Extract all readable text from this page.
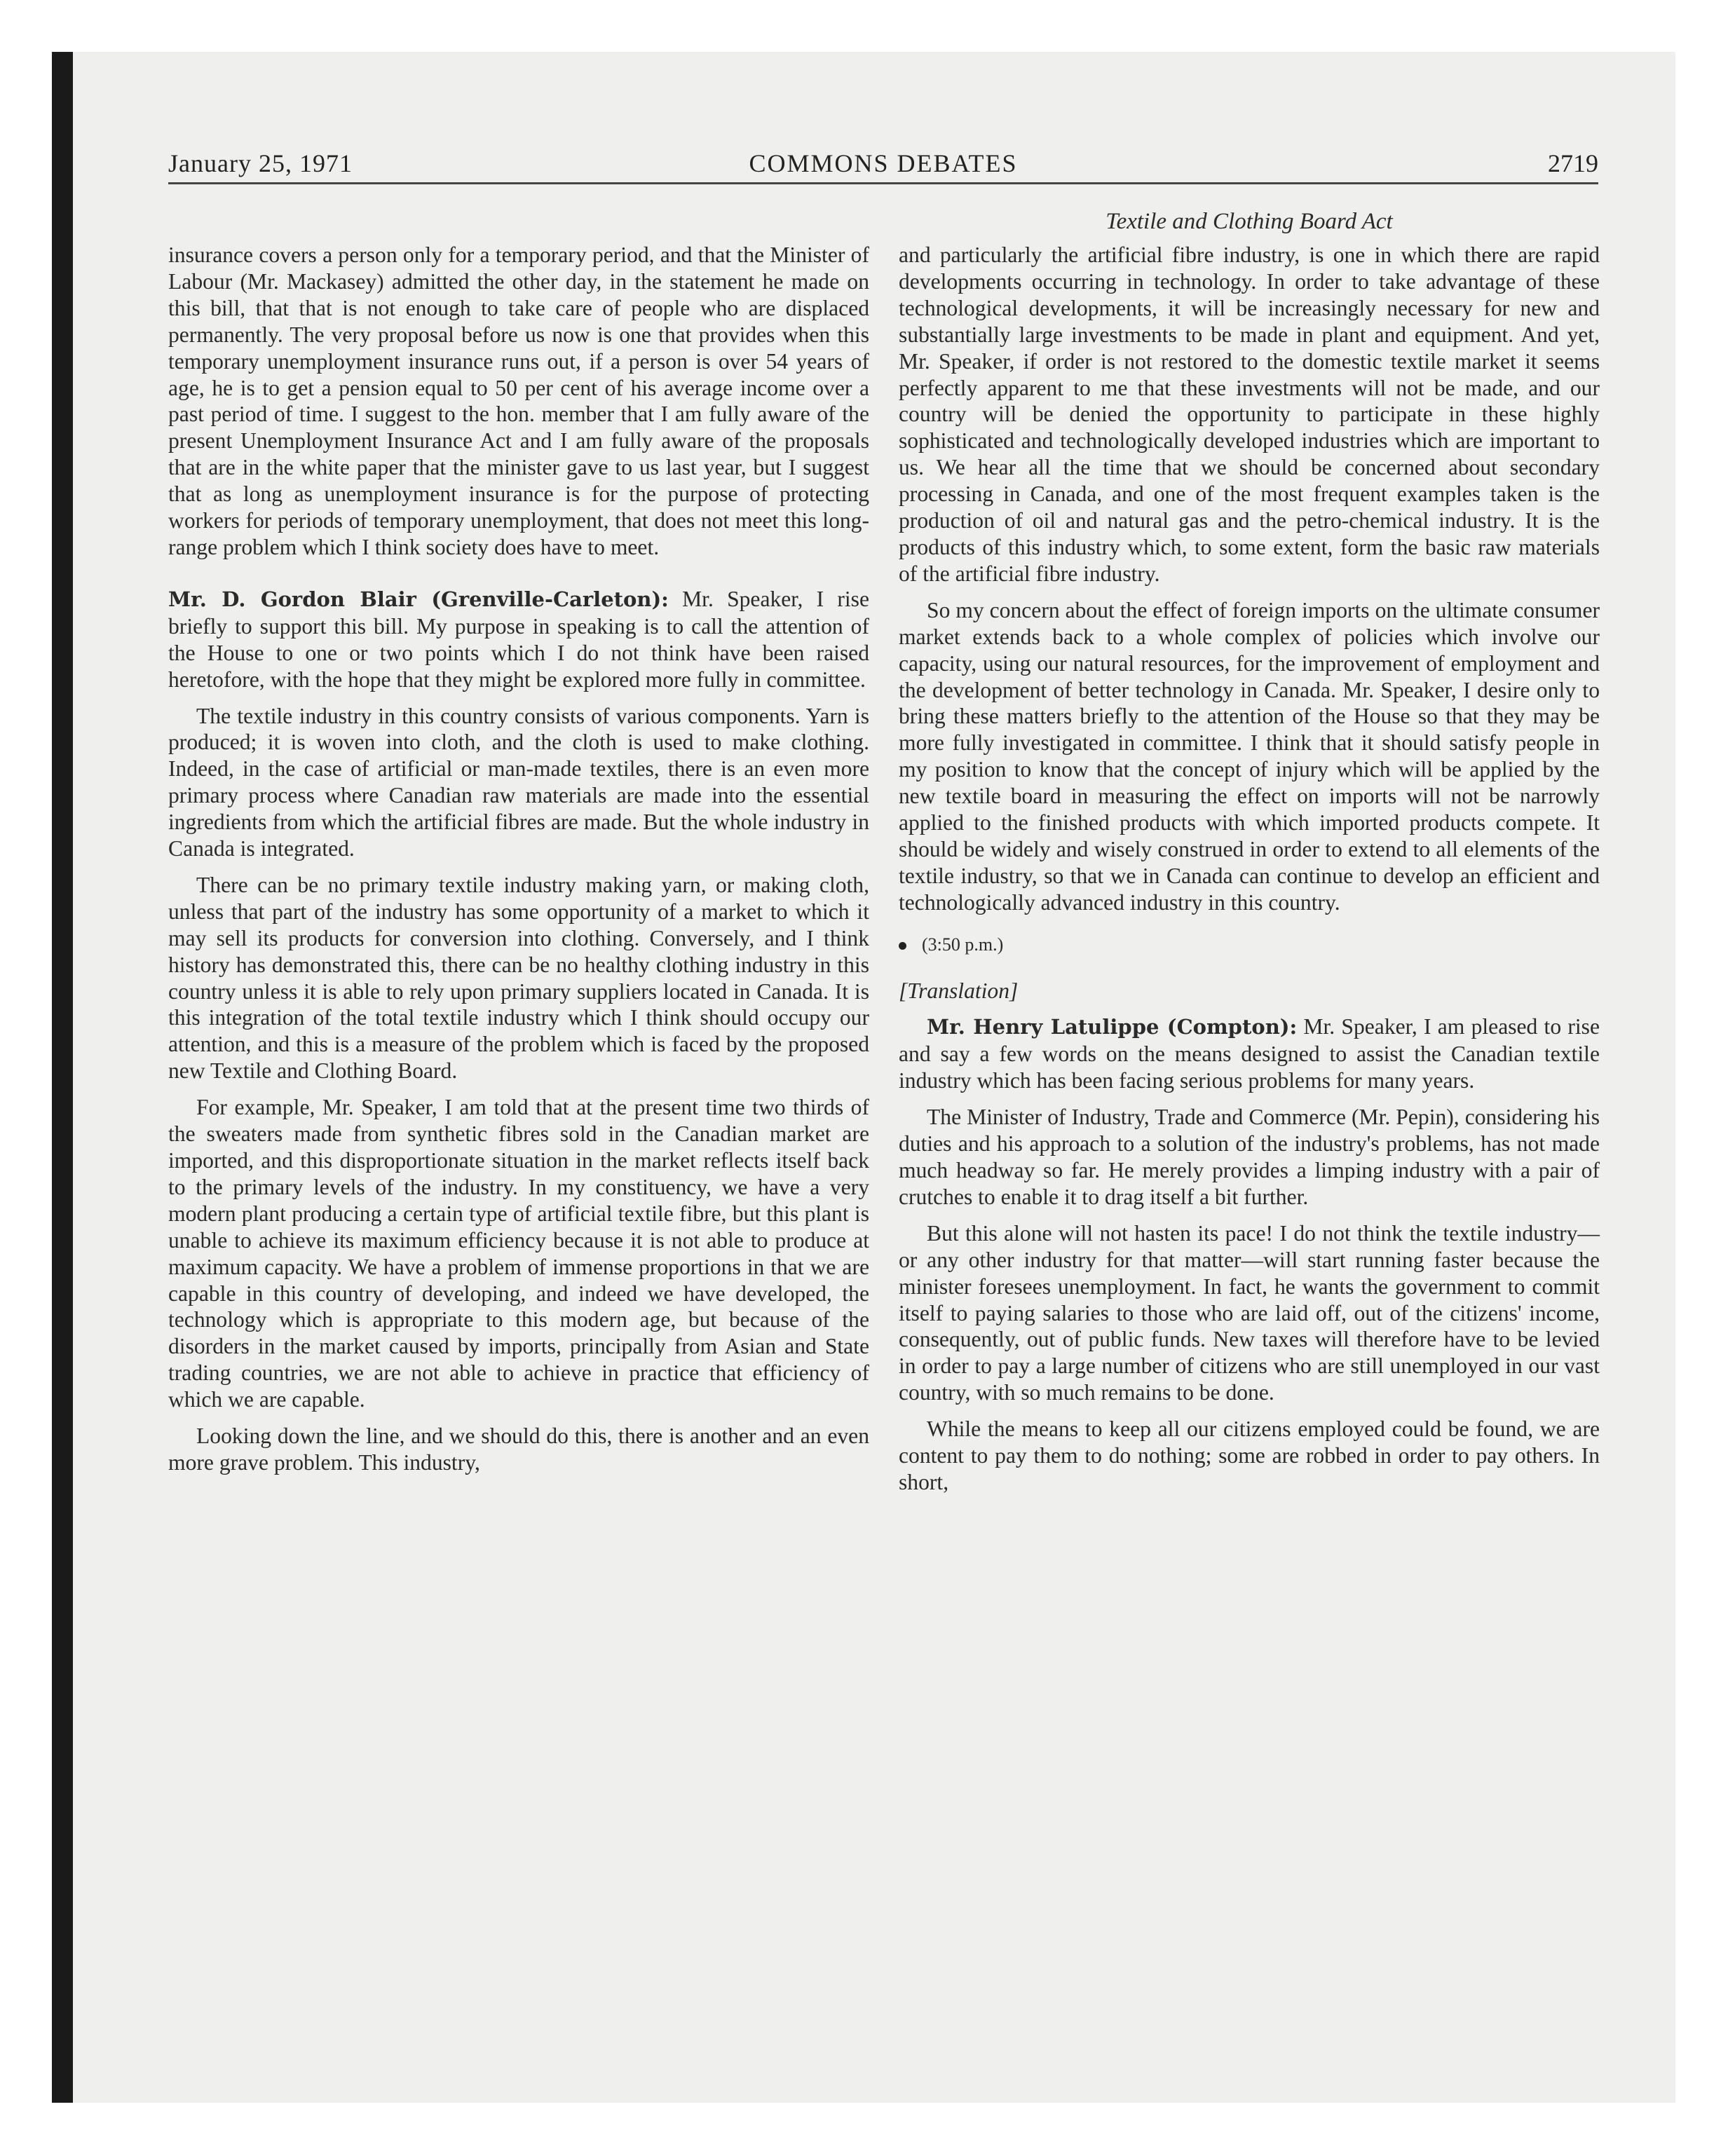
January 25, 1971	COMMONS DEBATES	2719
Textile and Clothing Board Act

insurance covers a person only for a temporary period, and that the Minister of Labour (Mr. Mackasey) admitted the other day, in the statement he made on this bill, that that is not enough to take care of people who are displaced permanently. The very proposal before us now is one that provides when this temporary unemployment insurance runs out, if a person is over 54 years of age, he is to get a pension equal to 50 per cent of his average income over a past period of time. I suggest to the hon. member that I am fully aware of the present Unemployment Insurance Act and I am fully aware of the proposals that are in the white paper that the minister gave to us last year, but I suggest that as long as unemployment insurance is for the purpose of protecting workers for periods of temporary unemployment, that does not meet this long-range problem which I think society does have to meet.

Mr. D. Gordon Blair (Grenville-Carleton): Mr. Speaker, I rise briefly to support this bill. My purpose in speaking is to call the attention of the House to one or two points which I do not think have been raised heretofore, with the hope that they might be explored more fully in committee.

The textile industry in this country consists of various components. Yarn is produced; it is woven into cloth, and the cloth is used to make clothing. Indeed, in the case of artificial or man-made textiles, there is an even more primary process where Canadian raw materials are made into the essential ingredients from which the artificial fibres are made. But the whole industry in Canada is integrated.

There can be no primary textile industry making yarn, or making cloth, unless that part of the industry has some opportunity of a market to which it may sell its products for conversion into clothing. Conversely, and I think history has demonstrated this, there can be no healthy clothing industry in this country unless it is able to rely upon primary suppliers located in Canada. It is this integration of the total textile industry which I think should occupy our attention, and this is a measure of the problem which is faced by the proposed new Textile and Clothing Board.

For example, Mr. Speaker, I am told that at the present time two thirds of the sweaters made from synthetic fibres sold in the Canadian market are imported, and this disproportionate situation in the market reflects itself back to the primary levels of the industry. In my constituency, we have a very modern plant producing a certain type of artificial textile fibre, but this plant is unable to achieve its maximum efficiency because it is not able to produce at maximum capacity. We have a problem of immense proportions in that we are capable in this country of developing, and indeed we have developed, the technology which is appropriate to this modern age, but because of the disorders in the market caused by imports, principally from Asian and State trading countries, we are not able to achieve in practice that efficiency of which we are capable.

Looking down the line, and we should do this, there is another and an even more grave problem. This industry,

and particularly the artificial fibre industry, is one in which there are rapid developments occurring in technology. In order to take advantage of these technological developments, it will be increasingly necessary for new and substantially large investments to be made in plant and equipment. And yet, Mr. Speaker, if order is not restored to the domestic textile market it seems perfectly apparent to me that these investments will not be made, and our country will be denied the opportunity to participate in these highly sophisticated and technologically developed industries which are important to us. We hear all the time that we should be concerned about secondary processing in Canada, and one of the most frequent examples taken is the production of oil and natural gas and the petro-chemical industry. It is the products of this industry which, to some extent, form the basic raw materials of the artificial fibre industry.

So my concern about the effect of foreign imports on the ultimate consumer market extends back to a whole complex of policies which involve our capacity, using our natural resources, for the improvement of employment and the development of better technology in Canada. Mr. Speaker, I desire only to bring these matters briefly to the attention of the House so that they may be more fully investigated in committee. I think that it should satisfy people in my position to know that the concept of injury which will be applied by the new textile board in measuring the effect on imports will not be narrowly applied to the finished products with which imported products compete. It should be widely and wisely construed in order to extend to all elements of the textile industry, so that we in Canada can continue to develop an efficient and technologically advanced industry in this country.

(3:50 p.m.)

[Translation]

Mr. Henry Latulippe (Compton): Mr. Speaker, I am pleased to rise and say a few words on the means designed to assist the Canadian textile industry which has been facing serious problems for many years.

The Minister of Industry, Trade and Commerce (Mr. Pepin), considering his duties and his approach to a solution of the industry's problems, has not made much headway so far. He merely provides a limping industry with a pair of crutches to enable it to drag itself a bit further.

But this alone will not hasten its pace! I do not think the textile industry—or any other industry for that matter—will start running faster because the minister foresees unemployment. In fact, he wants the government to commit itself to paying salaries to those who are laid off, out of the citizens' income, consequently, out of public funds. New taxes will therefore have to be levied in order to pay a large number of citizens who are still unemployed in our vast country, with so much remains to be done.

While the means to keep all our citizens employed could be found, we are content to pay them to do nothing; some are robbed in order to pay others. In short,
